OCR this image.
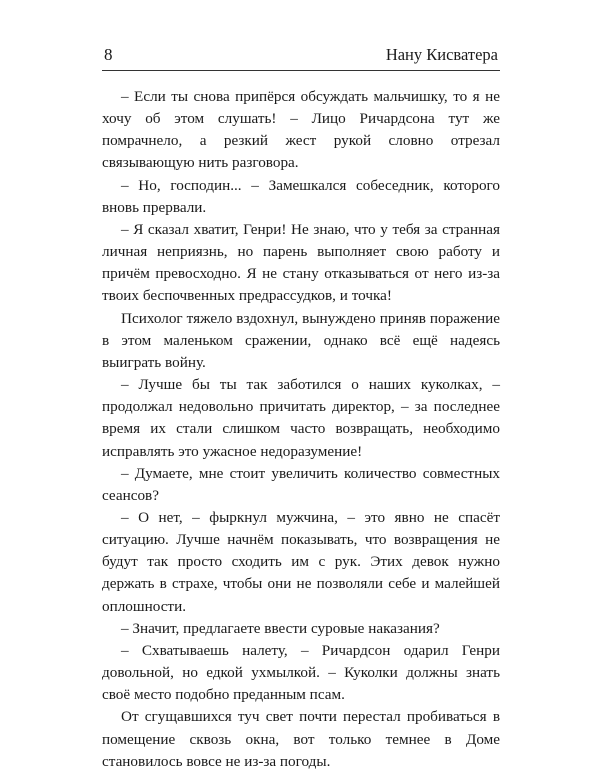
8	Нану Кисватера

– Если ты снова припёрся обсуждать мальчишку, то я не хочу об этом слушать! – Лицо Ричардсона тут же помрачнело, а резкий жест рукой словно отрезал связывающую нить разговора.

– Но, господин... – Замешкался собеседник, которого вновь прервали.

– Я сказал хватит, Генри! Не знаю, что у тебя за странная личная неприязнь, но парень выполняет свою работу и причём превосходно. Я не стану отказываться от него из-за твоих беспочвенных предрассудков, и точка!

Психолог тяжело вздохнул, вынуждено приняв поражение в этом маленьком сражении, однако всё ещё надеясь выиграть войну.

– Лучше бы ты так заботился о наших куколках, – продолжал недовольно причитать директор, – за последнее время их стали слишком часто возвращать, необходимо исправлять это ужасное недоразумение!

– Думаете, мне стоит увеличить количество совместных сеансов?

– О нет, – фыркнул мужчина, – это явно не спасёт ситуацию. Лучше начнём показывать, что возвращения не будут так просто сходить им с рук. Этих девок нужно держать в страхе, чтобы они не позволяли себе и малейшей оплошности.

– Значит, предлагаете ввести суровые наказания?

– Схватываешь налету, – Ричардсон одарил Генри довольной, но едкой ухмылкой. – Куколки должны знать своё место подобно преданным псам.

От сгущавшихся туч свет почти перестал пробиваться в помещение сквозь окна, вот только темнее в Доме становилось вовсе не из-за погоды.
